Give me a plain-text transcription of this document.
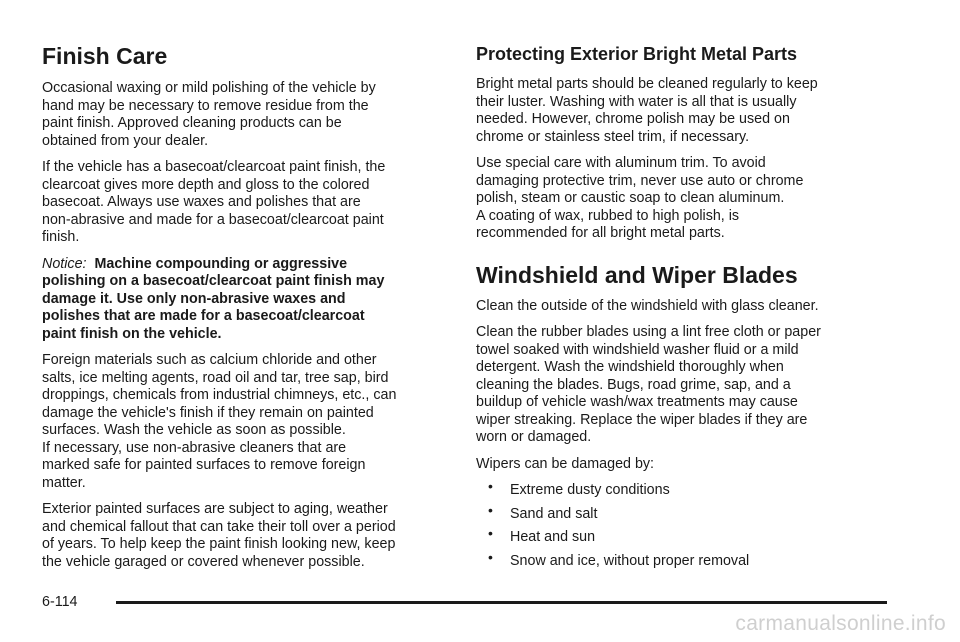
Finish Care

Occasional waxing or mild polishing of the vehicle by
hand may be necessary to remove residue from the
paint finish. Approved cleaning products can be
obtained from your dealer.

If the vehicle has a basecoat/clearcoat paint finish, the
clearcoat gives more depth and gloss to the colored
basecoat. Always use waxes and polishes that are
non-abrasive and made for a basecoat/clearcoat paint
finish.

Notice: Machine compounding or aggressive
polishing on a basecoat/clearcoat paint finish may
damage it. Use only non-abrasive waxes and
polishes that are made for a basecoat/clearcoat
paint finish on the vehicle.

Foreign materials such as calcium chloride and other
salts, ice melting agents, road oil and tar, tree sap, bird
droppings, chemicals from industrial chimneys, etc., can
damage the vehicle's finish if they remain on painted
surfaces. Wash the vehicle as soon as possible.
If necessary, use non-abrasive cleaners that are
marked safe for painted surfaces to remove foreign
matter.

Exterior painted surfaces are subject to aging, weather
and chemical fallout that can take their toll over a period
of years. To help keep the paint finish looking new, keep
the vehicle garaged or covered whenever possible.

Protecting Exterior Bright Metal Parts

Bright metal parts should be cleaned regularly to keep
their luster. Washing with water is all that is usually
needed. However, chrome polish may be used on
chrome or stainless steel trim, if necessary.

Use special care with aluminum trim. To avoid
damaging protective trim, never use auto or chrome
polish, steam or caustic soap to clean aluminum.
A coating of wax, rubbed to high polish, is
recommended for all bright metal parts.

Windshield and Wiper Blades

Clean the outside of the windshield with glass cleaner.

Clean the rubber blades using a lint free cloth or paper
towel soaked with windshield washer fluid or a mild
detergent. Wash the windshield thoroughly when
cleaning the blades. Bugs, road grime, sap, and a
buildup of vehicle wash/wax treatments may cause
wiper streaking. Replace the wiper blades if they are
worn or damaged.

Wipers can be damaged by:

• Extreme dusty conditions
• Sand and salt
• Heat and sun
• Snow and ice, without proper removal
6-114
carmanualsonline.info
